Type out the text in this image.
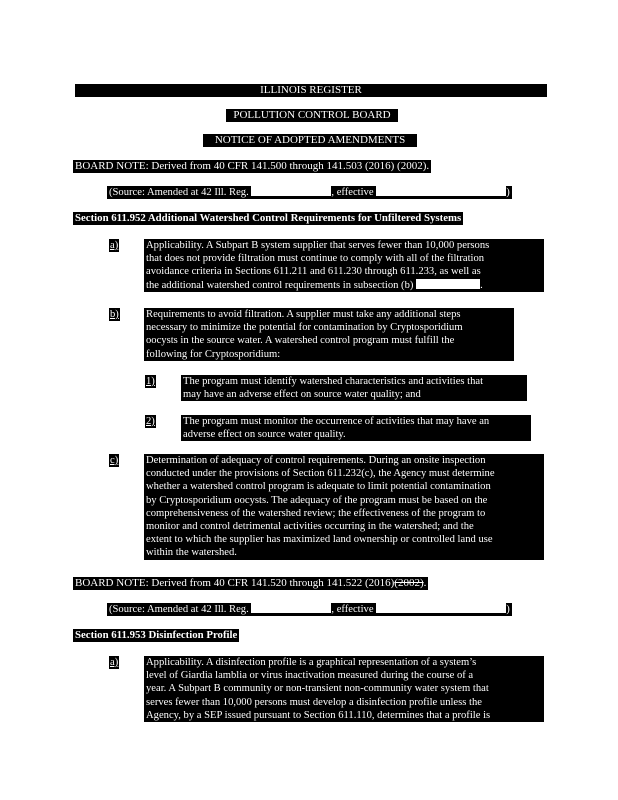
ILLINOIS REGISTER
POLLUTION CONTROL BOARD
NOTICE OF ADOPTED AMENDMENTS
BOARD NOTE: Derived from 40 CFR 141.500 through 141.503 (2016) (2002).
(Source: Amended at 42 Ill. Reg.	, effective	)
Section 611.952 Additional Watershed Control Requirements for Unfiltered Systems
a)	Applicability. A Subpart B system supplier that serves fewer than 10,000 persons
that does not provide filtration must continue to comply with all of the filtration
avoidance criteria in Sections 611.211 and 611.230 through 611.233, as well as
the additional watershed control requirements in subsection (b)	.
b)	Requirements to avoid filtration. A supplier must take any additional steps
necessary to minimize the potential for contamination by Cryptosporidium
oocysts in the source water. A watershed control program must fulfill the
following for Cryptosporidium:
1)	The program must identify watershed characteristics and activities that
may have an adverse effect on source water quality; and
2)	The program must monitor the occurrence of activities that may have an
adverse effect on source water quality.
c)	Determination of adequacy of control requirements. During an onsite inspection
conducted under the provisions of Section 611.232(c), the Agency must determine
whether a watershed control program is adequate to limit potential contamination
by Cryptosporidium oocysts. The adequacy of the program must be based on the
comprehensiveness of the watershed review; the effectiveness of the program to
monitor and control detrimental activities occurring in the watershed; and the
extent to which the supplier has maximized land ownership or controlled land use
within the watershed.
BOARD NOTE: Derived from 40 CFR 141.520 through 141.522 (2016)(2002).
(Source: Amended at 42 Ill. Reg.	, effective	)
Section 611.953 Disinfection Profile
a)	Applicability. A disinfection profile is a graphical representation of a system’s
level of Giardia lamblia or virus inactivation measured during the course of a
year. A Subpart B community or non-transient non-community water system that
serves fewer than 10,000 persons must develop a disinfection profile unless the
Agency, by a SEP issued pursuant to Section 611.110, determines that a profile is
